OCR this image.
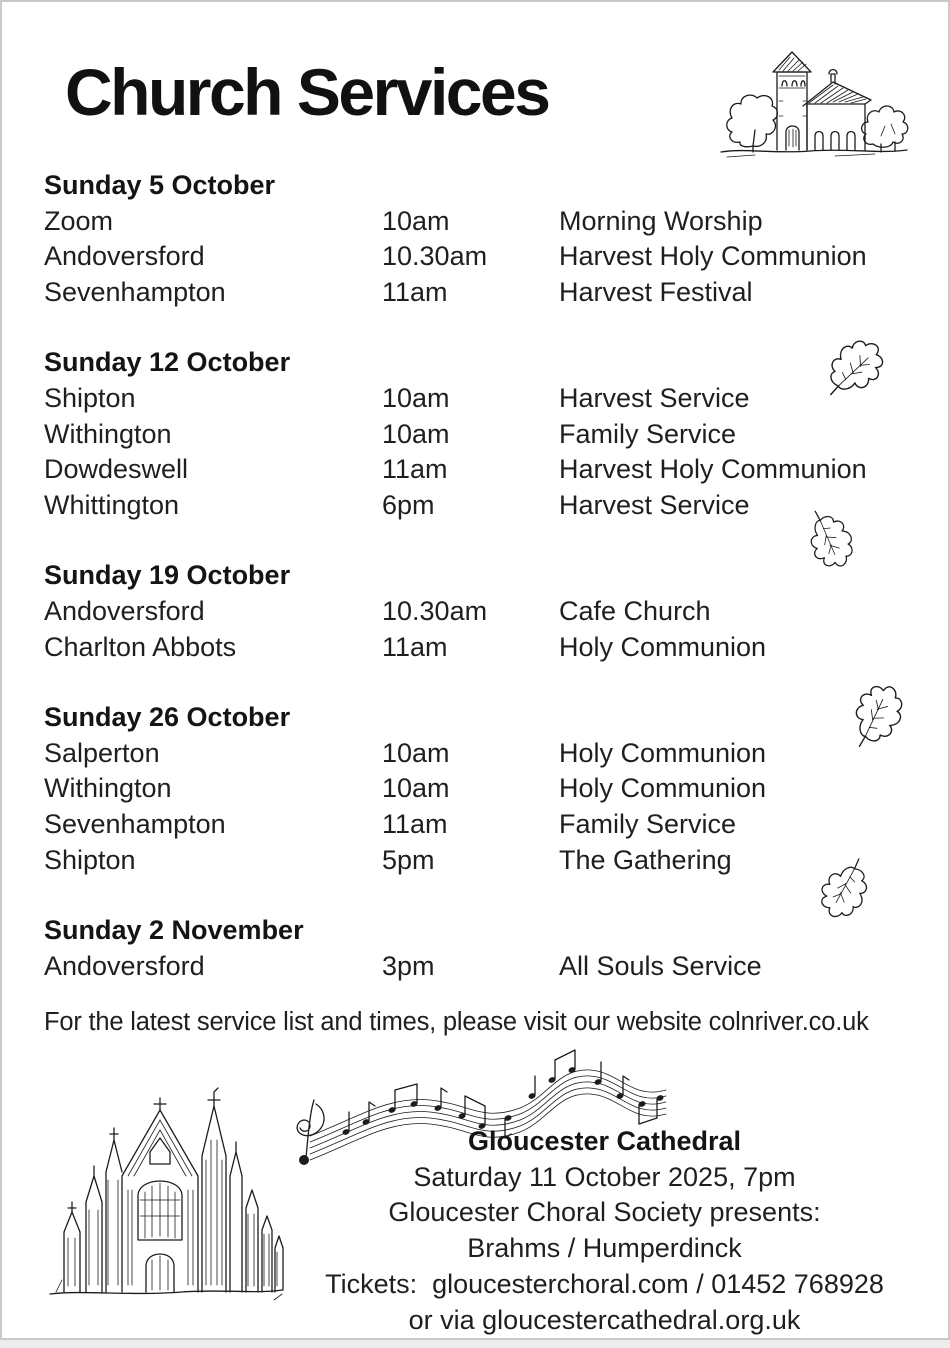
Church Services
Sunday 5 October
Zoom	10am	Morning Worship
Andoversford	10.30am	Harvest Holy Communion
Sevenhampton	11am	Harvest Festival
Sunday 12 October
Shipton	10am	Harvest Service
Withington	10am	Family Service
Dowdeswell	11am	Harvest Holy Communion
Whittington	6pm	Harvest Service
Sunday 19 October
Andoversford	10.30am	Cafe Church
Charlton Abbots	11am	Holy Communion
Sunday 26 October
Salperton	10am	Holy Communion
Withington	10am	Holy Communion
Sevenhampton	11am	Family Service
Shipton	5pm	The Gathering
Sunday 2 November
Andoversford	3pm	All Souls Service
For the latest service list and times, please visit our website colnriver.co.uk
Gloucester Cathedral
Saturday 11 October 2025, 7pm
Gloucester Choral Society presents:
Brahms / Humperdinck
Tickets:  gloucesterchoral.com / 01452 768928
or via gloucestercathedral.org.uk
